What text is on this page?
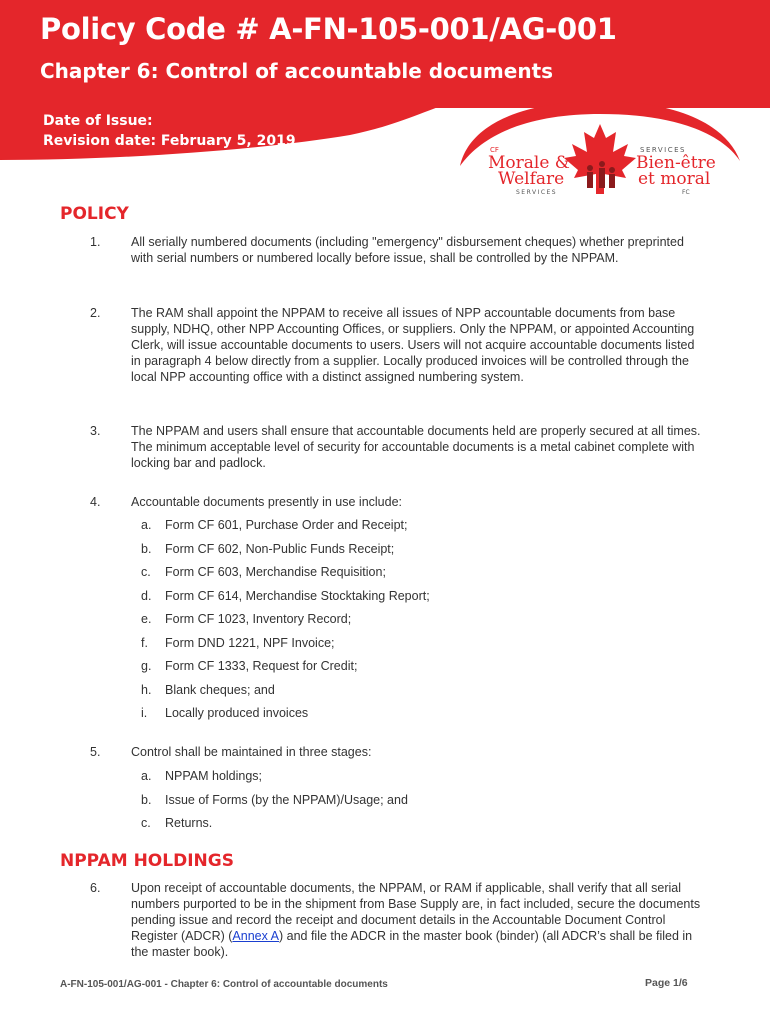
Policy Code # A-FN-105-001/AG-001
Chapter 6: Control of accountable documents
Date of Issue:
Revision date: February 5, 2019
CF
Morale &
Welfare
SERVICES
SERVICES
Bien-être
et moral
FC
POLICY
1. All serially numbered documents (including "emergency" disbursement cheques) whether preprinted with serial numbers or numbered locally before issue, shall be controlled by the NPPAM.
2. The RAM shall appoint the NPPAM to receive all issues of NPP accountable documents from base supply, NDHQ, other NPP Accounting Offices, or suppliers. Only the NPPAM, or appointed Accounting Clerk, will issue accountable documents to users. Users will not acquire accountable documents listed in paragraph 4 below directly from a supplier. Locally produced invoices will be controlled through the local NPP accounting office with a distinct assigned numbering system.
3. The NPPAM and users shall ensure that accountable documents held are properly secured at all times. The minimum acceptable level of security for accountable documents is a metal cabinet complete with locking bar and padlock.
4. Accountable documents presently in use include:
a. Form CF 601, Purchase Order and Receipt;
b. Form CF 602, Non-Public Funds Receipt;
c. Form CF 603, Merchandise Requisition;
d. Form CF 614, Merchandise Stocktaking Report;
e. Form CF 1023, Inventory Record;
f. Form DND 1221, NPF Invoice;
g. Form CF 1333, Request for Credit;
h. Blank cheques; and
i. Locally produced invoices
5. Control shall be maintained in three stages:
a. NPPAM holdings;
b. Issue of Forms (by the NPPAM)/Usage; and
c. Returns.
NPPAM HOLDINGS
6. Upon receipt of accountable documents, the NPPAM, or RAM if applicable, shall verify that all serial numbers purported to be in the shipment from Base Supply are, in fact included, secure the documents pending issue and record the receipt and document details in the Accountable Document Control Register (ADCR) (Annex A) and file the ADCR in the master book (binder) (all ADCR’s shall be filed in the master book).
A-FN-105-001/AG-001 - Chapter 6: Control of accountable documents	Page 1/6
